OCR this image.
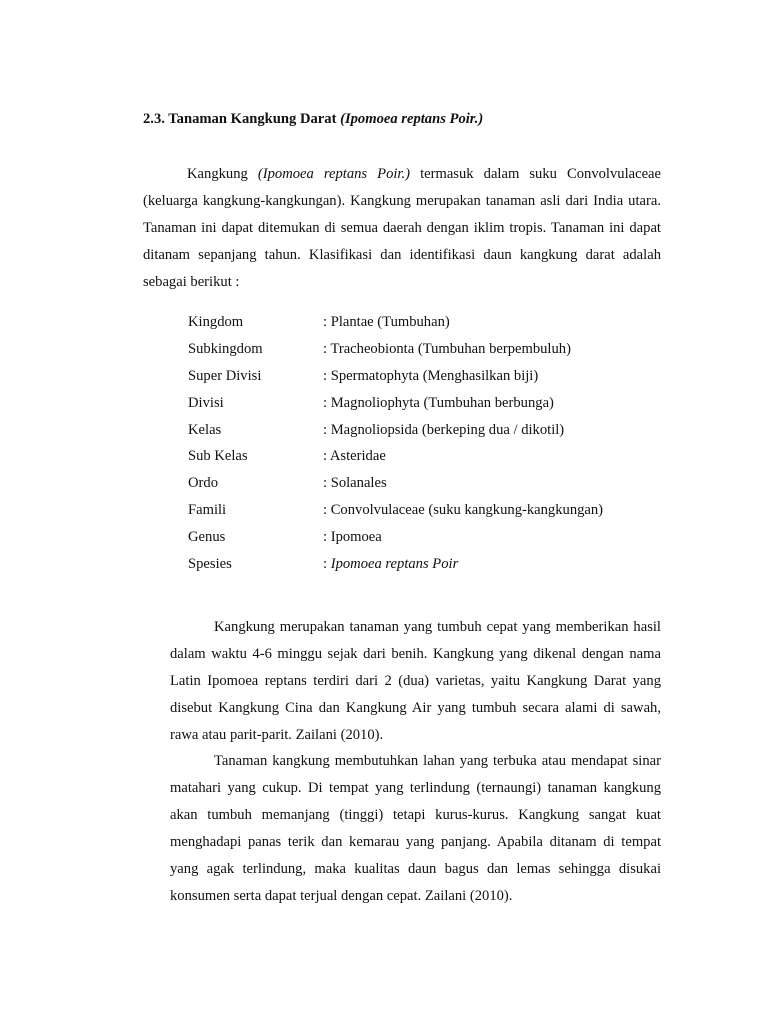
2.3. Tanaman Kangkung Darat (Ipomoea reptans Poir.)

Kangkung (Ipomoea reptans Poir.) termasuk dalam suku Convolvulaceae (keluarga kangkung-kangkungan). Kangkung merupakan tanaman asli dari India utara. Tanaman ini dapat ditemukan di semua daerah dengan iklim tropis. Tanaman ini dapat ditanam sepanjang tahun. Klasifikasi dan identifikasi daun kangkung darat adalah sebagai berikut :

Kingdom	: Plantae (Tumbuhan)
Subkingdom	: Tracheobionta (Tumbuhan berpembuluh)
Super Divisi	: Spermatophyta (Menghasilkan biji)
Divisi	: Magnoliophyta (Tumbuhan berbunga)
Kelas	: Magnoliopsida (berkeping dua / dikotil)
Sub Kelas	: Asteridae
Ordo	: Solanales
Famili	: Convolvulaceae (suku kangkung-kangkungan)
Genus	: Ipomoea
Spesies	: Ipomoea reptans Poir

Kangkung merupakan tanaman yang tumbuh cepat yang memberikan hasil dalam waktu 4-6 minggu sejak dari benih. Kangkung yang dikenal dengan nama Latin Ipomoea reptans terdiri dari 2 (dua) varietas, yaitu Kangkung Darat yang disebut Kangkung Cina dan Kangkung Air yang tumbuh secara alami di sawah, rawa atau parit-parit. Zailani (2010).

Tanaman kangkung membutuhkan lahan yang terbuka atau mendapat sinar matahari yang cukup. Di tempat yang terlindung (ternaungi) tanaman kangkung akan tumbuh memanjang (tinggi) tetapi kurus-kurus. Kangkung sangat kuat menghadapi panas terik dan kemarau yang panjang. Apabila ditanam di tempat yang agak terlindung, maka kualitas daun bagus dan lemas sehingga disukai konsumen serta dapat terjual dengan cepat. Zailani (2010).
